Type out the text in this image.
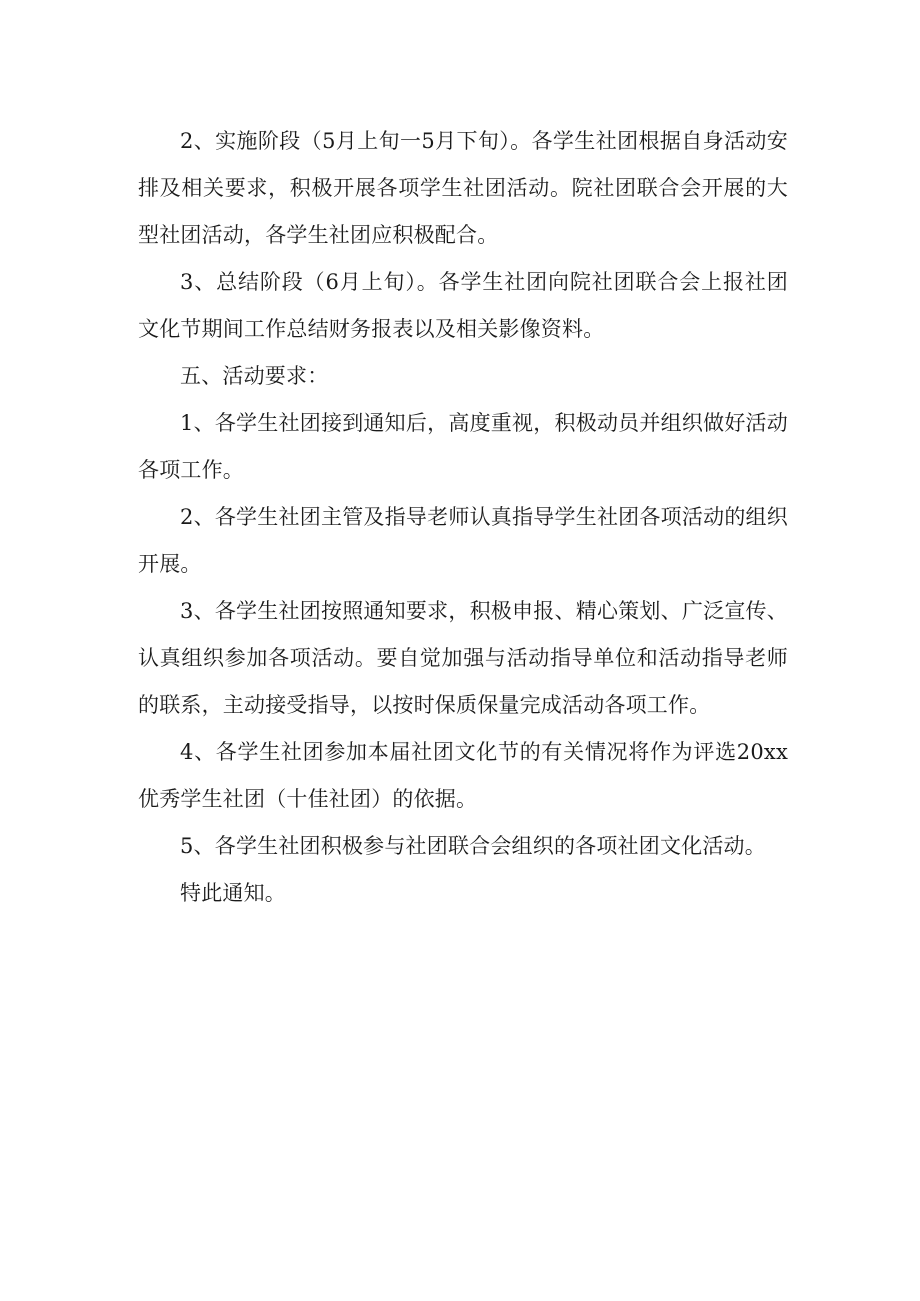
2、实施阶段（5月上旬一5月下旬）。各学生社团根据自身活动安排及相关要求，积极开展各项学生社团活动。院社团联合会开展的大型社团活动，各学生社团应积极配合。

3、总结阶段（6月上旬）。各学生社团向院社团联合会上报社团文化节期间工作总结财务报表以及相关影像资料。

五、活动要求：

1、各学生社团接到通知后，高度重视，积极动员并组织做好活动各项工作。

2、各学生社团主管及指导老师认真指导学生社团各项活动的组织开展。

3、各学生社团按照通知要求，积极申报、精心策划、广泛宣传、认真组织参加各项活动。要自觉加强与活动指导单位和活动指导老师的联系，主动接受指导，以按时保质保量完成活动各项工作。

4、各学生社团参加本届社团文化节的有关情况将作为评选20xx优秀学生社团（十佳社团）的依据。

5、各学生社团积极参与社团联合会组织的各项社团文化活动。

特此通知。
